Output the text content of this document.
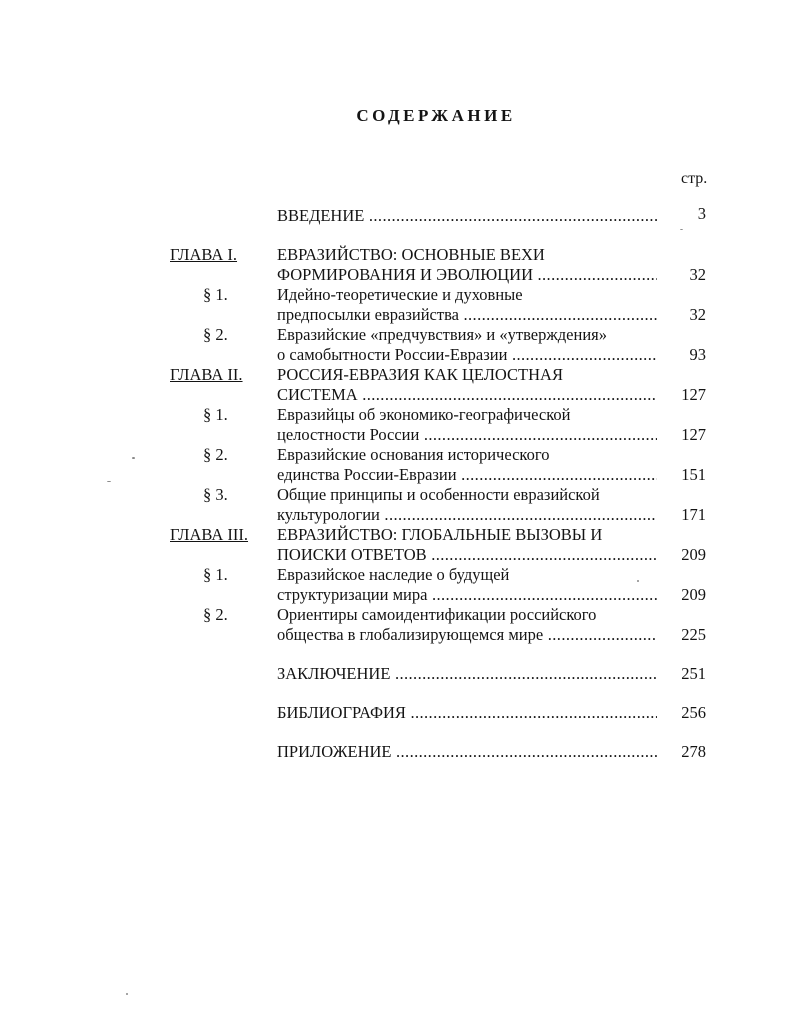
СОДЕРЖАНИЕ
стр.
ВВЕДЕНИЕ .....	3
ГЛАВА I. ЕВРАЗИЙСТВО: ОСНОВНЫЕ ВЕХИ
ФОРМИРОВАНИЯ И ЭВОЛЮЦИИ .....	32
§ 1.	Идейно-теоретические и духовные
предпосылки евразийства .....	32
§ 2.	Евразийские «предчувствия» и «утверждения»
о самобытности России-Евразии .....	93
ГЛАВА II. РОССИЯ-ЕВРАЗИЯ КАК ЦЕЛОСТНАЯ
СИСТЕМА .....	127
§ 1.	Евразийцы об экономико-географической
целостности России .....	127
§ 2.	Евразийские основания исторического
единства России-Евразии .....	151
§ 3.	Общие принципы и особенности евразийской
культурологии .....	171
ГЛАВА III. ЕВРАЗИЙСТВО: ГЛОБАЛЬНЫЕ ВЫЗОВЫ И
ПОИСКИ ОТВЕТОВ .....	209
§ 1.	Евразийское наследие о будущей
структуризации мира .....	209
§ 2.	Ориентиры самоидентификации российского
общества в глобализирующемся мире .....	225
ЗАКЛЮЧЕНИЕ .....	251
БИБЛИОГРАФИЯ .....	256
ПРИЛОЖЕНИЕ .....	278
